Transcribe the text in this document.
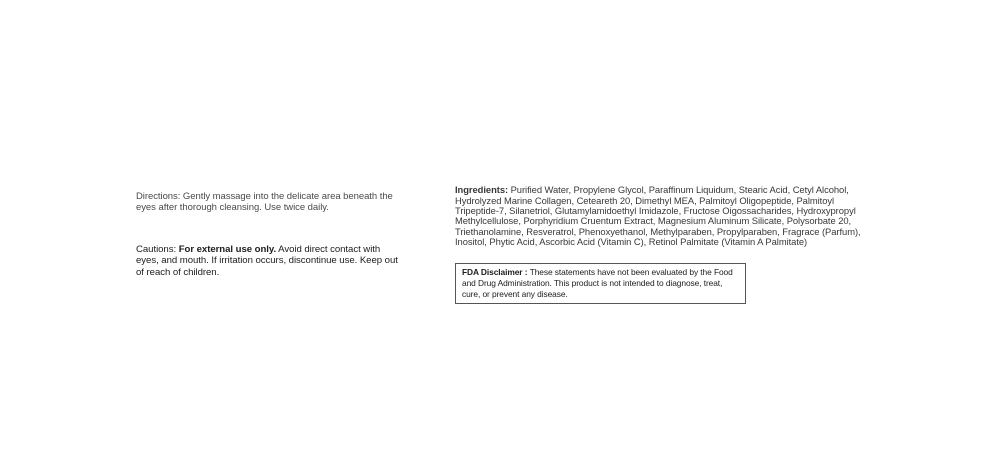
Directions: Gently massage into the delicate area beneath the eyes after thorough cleansing. Use twice daily.

Cautions: For external use only. Avoid direct contact with eyes, and mouth. If irritation occurs, discontinue use. Keep out of reach of children.

Ingredients: Purified Water, Propylene Glycol, Paraffinum Liquidum, Stearic Acid, Cetyl Alcohol, Hydrolyzed Marine Collagen, Ceteareth 20, Dimethyl MEA, Palmitoyl Oligopeptide, Palmitoyl Tripeptide-7, Silanetriol, Glutamylamidoethyl Imidazole, Fructose Oigossacharides, Hydroxypropyl Methylcellulose, Porphyridium Cruentum Extract, Magnesium Aluminum Silicate, Polysorbate 20, Triethanolamine, Resveratrol, Phenoxyethanol, Methylparaben, Propylparaben, Fragrace (Parfum), Inositol, Phytic Acid, Ascorbic Acid (Vitamin C), Retinol Palmitate (Vitamin A Palmitate)

FDA Disclaimer : These statements have not been evaluated by the Food and Drug Administration. This product is not intended to diagnose, treat, cure, or prevent any disease.
